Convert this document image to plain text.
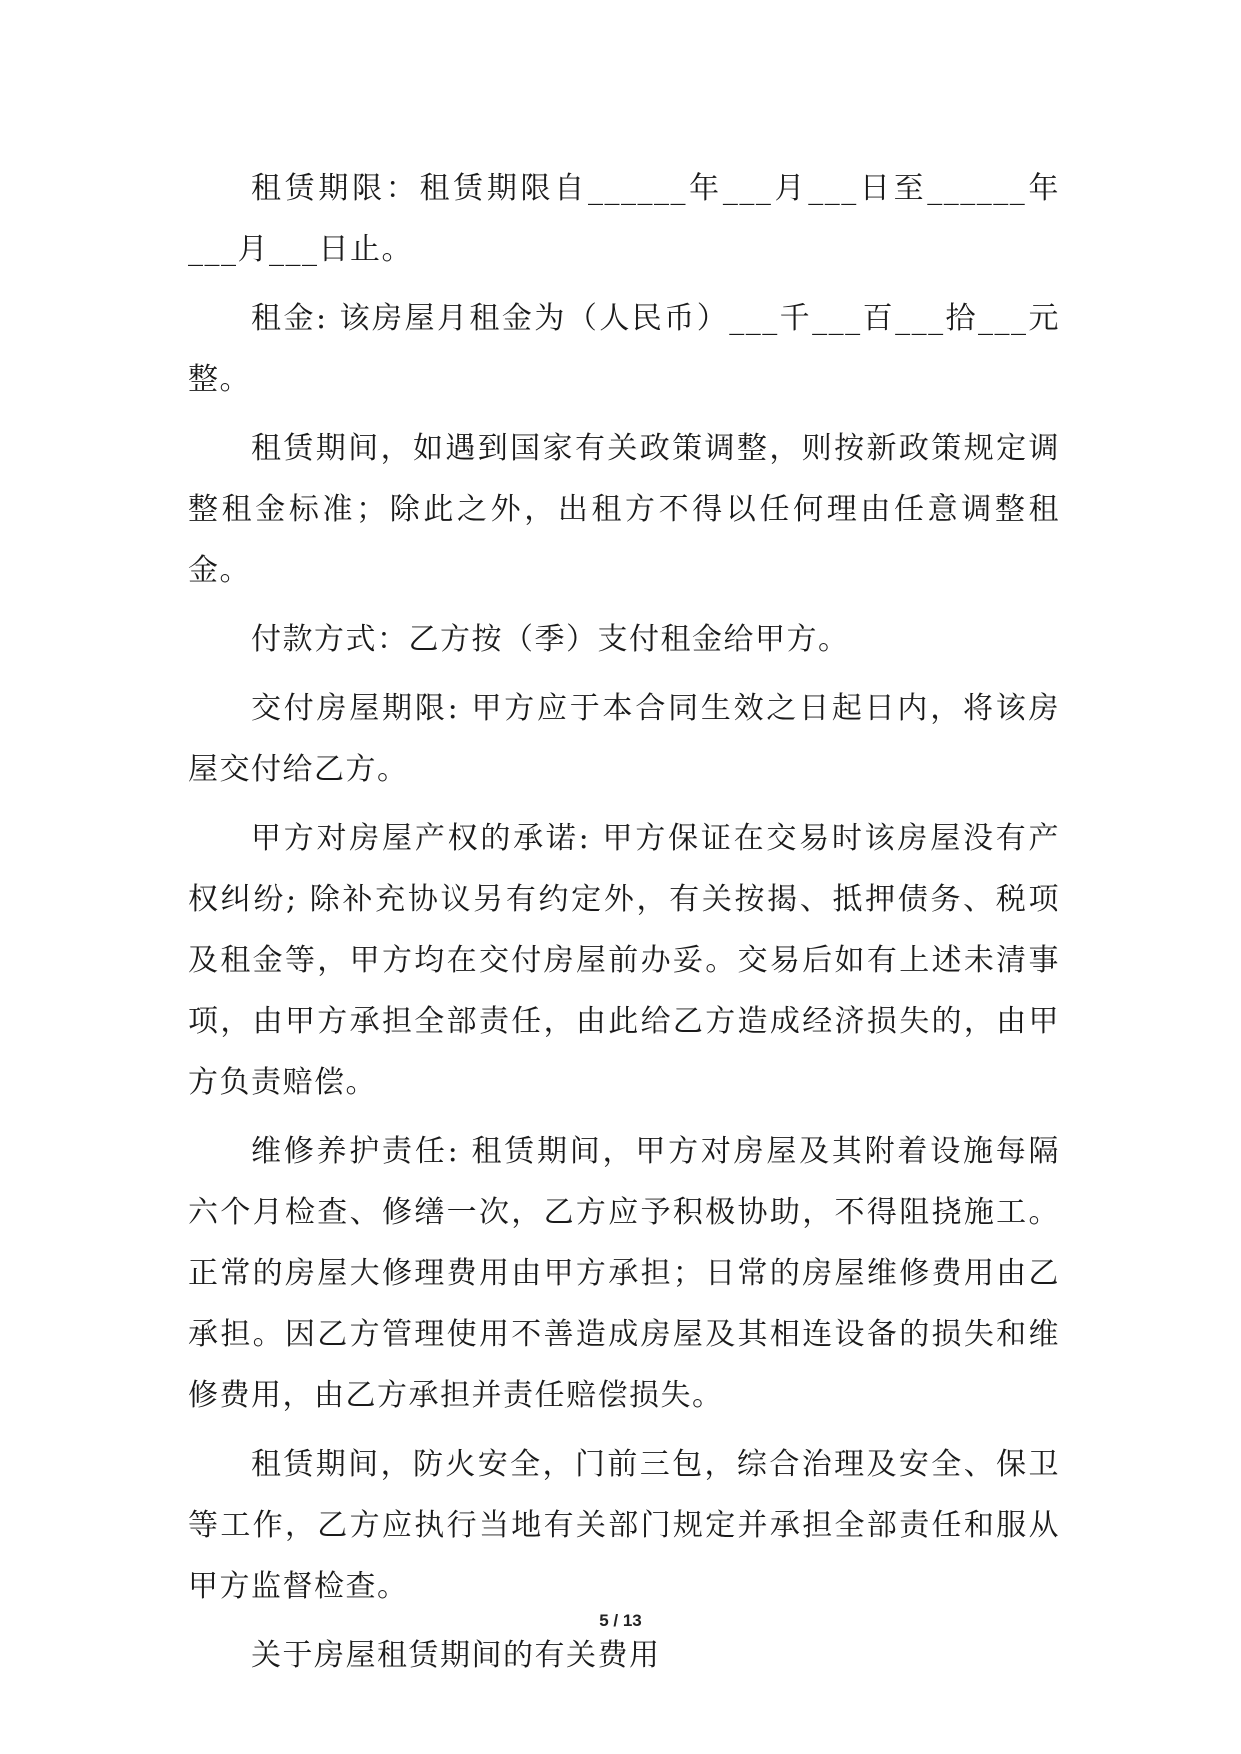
租赁期限：租赁期限自______年___月___日至______年___月___日止。

租金: 该房屋月租金为（人民币）___千___百___拾___元整。

租赁期间，如遇到国家有关政策调整，则按新政策规定调整租金标准；除此之外，出租方不得以任何理由任意调整租金。

付款方式：乙方按（季）支付租金给甲方。

交付房屋期限: 甲方应于本合同生效之日起日内，将该房屋交付给乙方。

甲方对房屋产权的承诺: 甲方保证在交易时该房屋没有产权纠纷; 除补充协议另有约定外，有关按揭、抵押债务、税项及租金等，甲方均在交付房屋前办妥。交易后如有上述未清事项，由甲方承担全部责任，由此给乙方造成经济损失的，由甲方负责赔偿。

维修养护责任: 租赁期间，甲方对房屋及其附着设施每隔六个月检查、修缮一次，乙方应予积极协助，不得阻挠施工。正常的房屋大修理费用由甲方承担；日常的房屋维修费用由乙承担。因乙方管理使用不善造成房屋及其相连设备的损失和维修费用，由乙方承担并责任赔偿损失。

租赁期间，防火安全，门前三包，综合治理及安全、保卫等工作，乙方应执行当地有关部门规定并承担全部责任和服从甲方监督检查。

关于房屋租赁期间的有关费用

5 / 13
